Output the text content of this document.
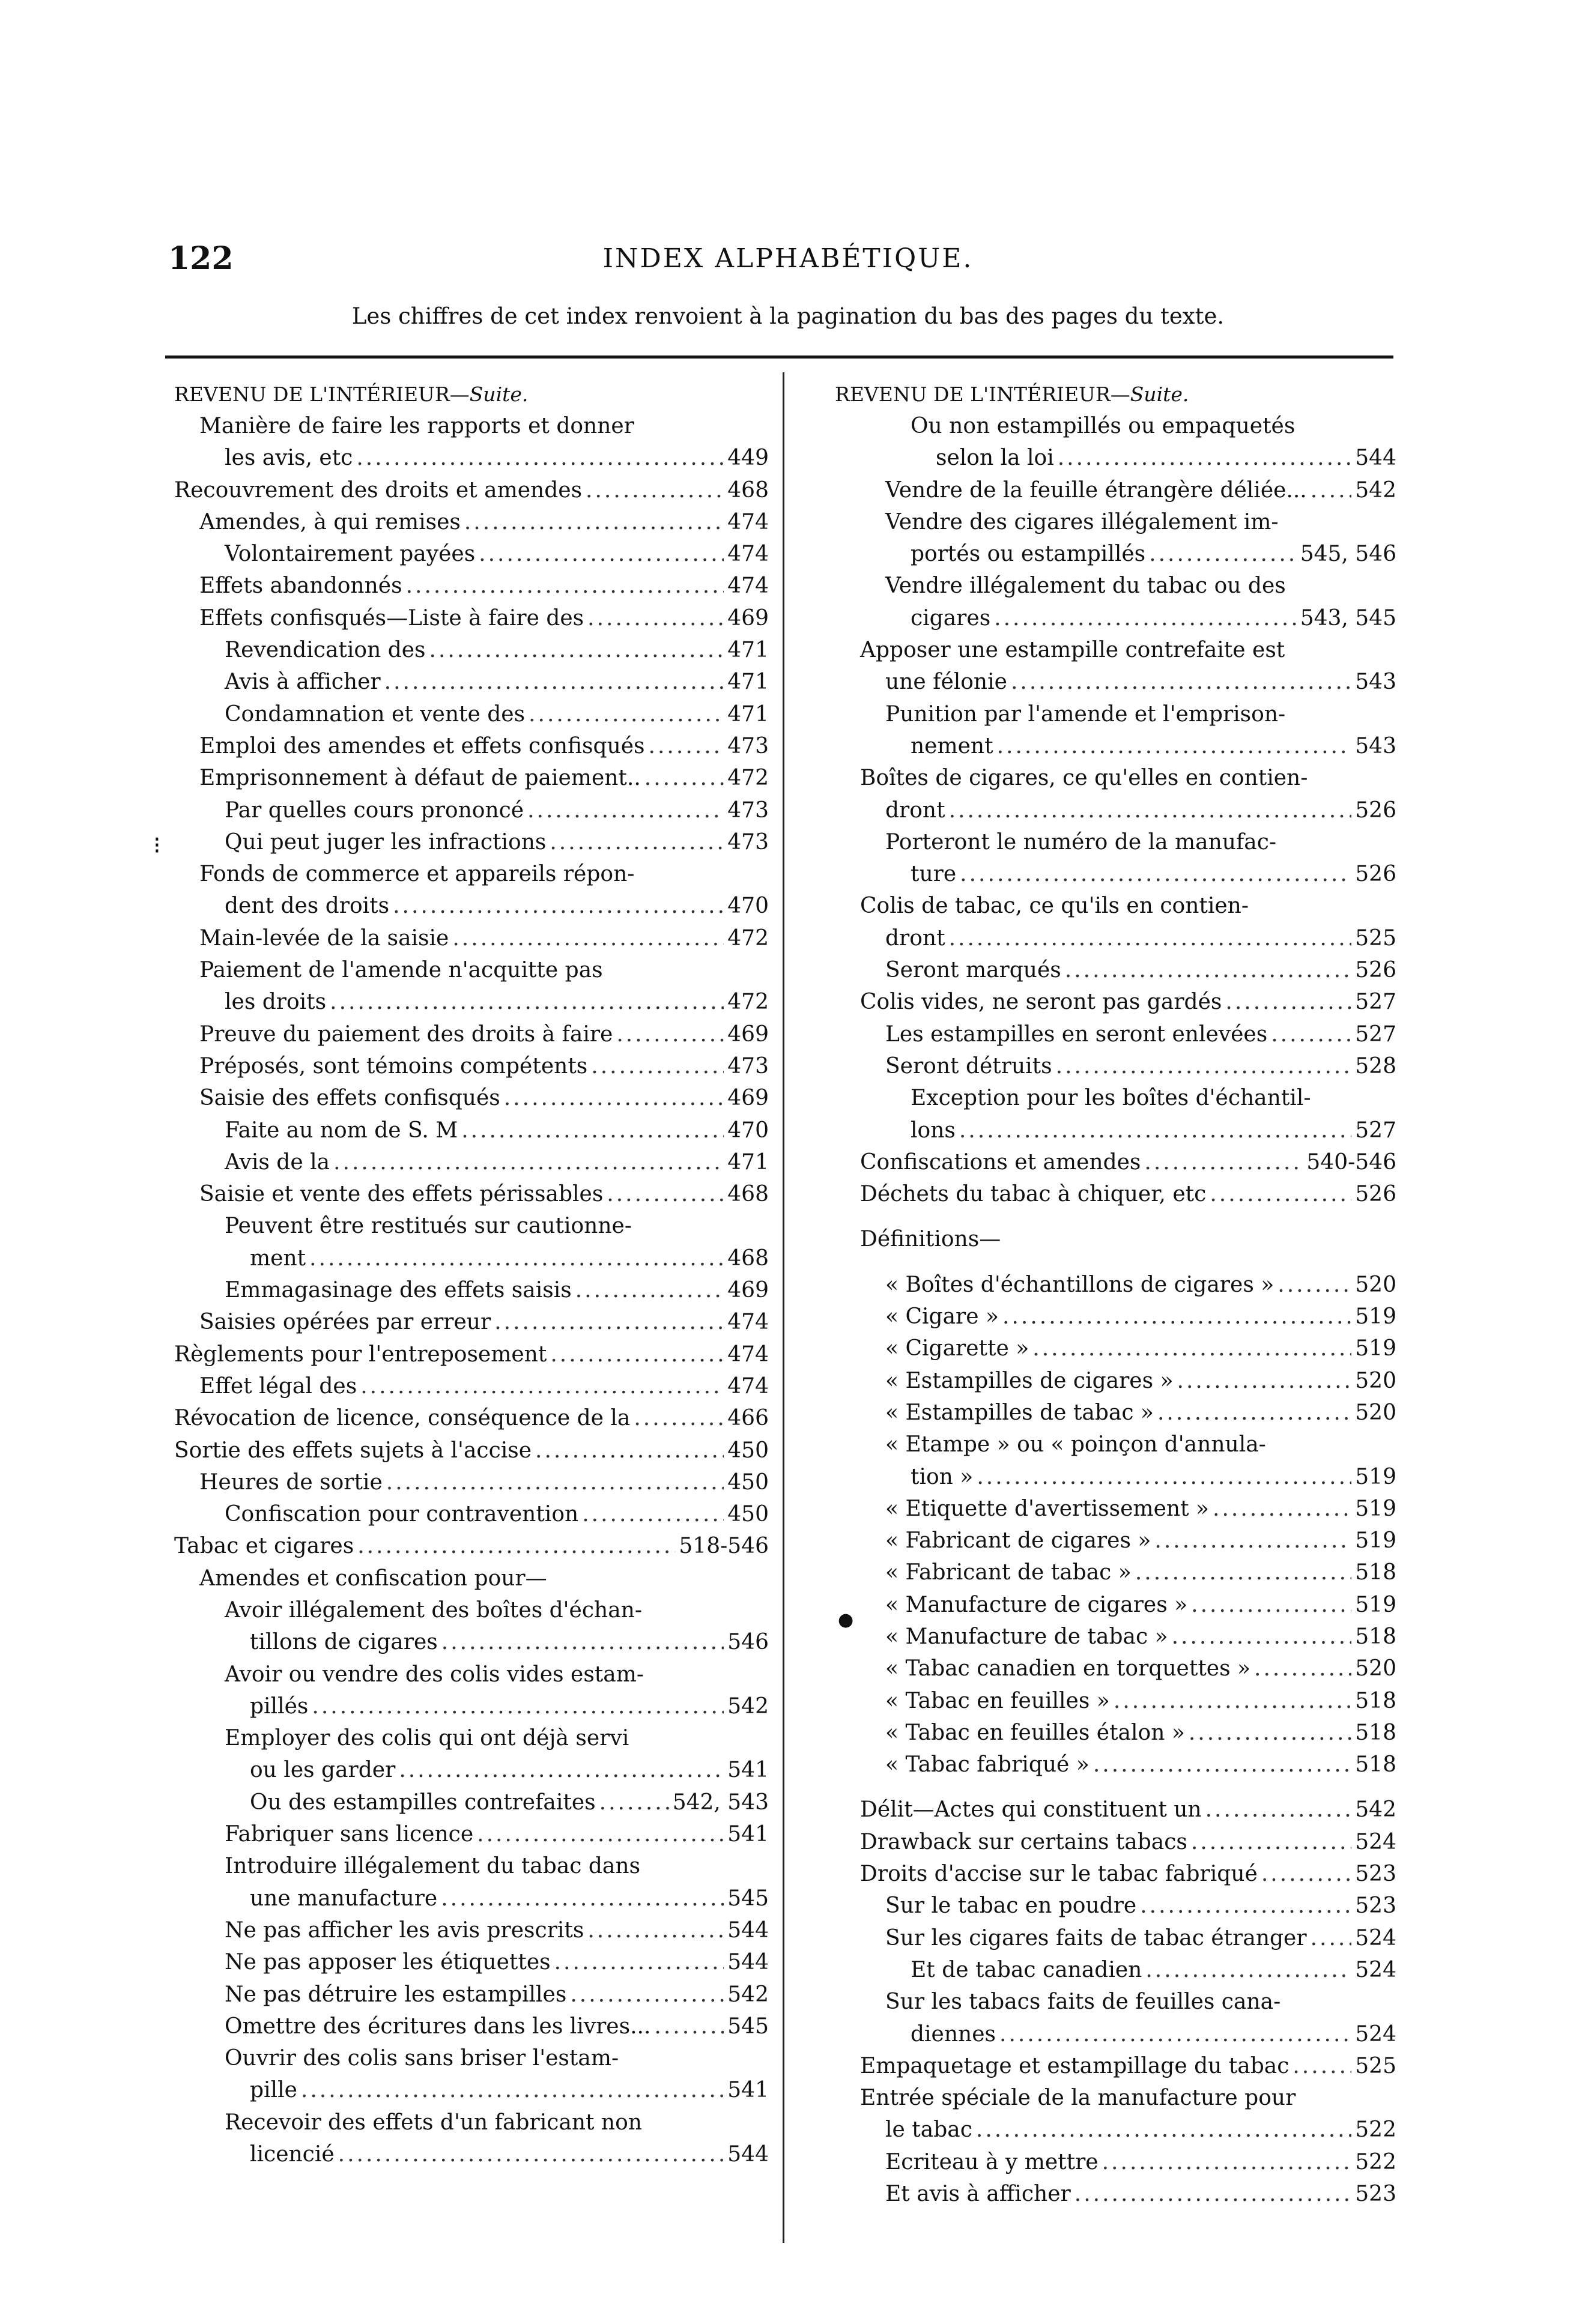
122	INDEX ALPHABÉTIQUE.
Les chiffres de cet index renvoient à la pagination du bas des pages du texte.
⁝
●
REVENU DE L'INTÉRIEUR—Suite.
Manière de faire les rapports et donner
les avis, etc .....	449
Recouvrement des droits et amendes .....	468
Amendes, à qui remises .....	474
Volontairement payées .....	474
Effets abandonnés .....	474
Effets confisqués—Liste à faire des .....	469
Revendication des .....	471
Avis à afficher .....	471
Condamnation et vente des .....	471
Emploi des amendes et effets confisqués .....	473
Emprisonnement à défaut de paiement.. .....	472
Par quelles cours prononcé .....	473
Qui peut juger les infractions .....	473
Fonds de commerce et appareils répon-
dent des droits .....	470
Main-levée de la saisie .....	472
Paiement de l'amende n'acquitte pas
les droits .....	472
Preuve du paiement des droits à faire .....	469
Préposés, sont témoins compétents .....	473
Saisie des effets confisqués .....	469
Faite au nom de S. M .....	470
Avis de la .....	471
Saisie et vente des effets périssables .....	468
Peuvent être restitués sur cautionne-
ment .....	468
Emmagasinage des effets saisis .....	469
Saisies opérées par erreur .....	474
Règlements pour l'entreposement .....	474
Effet légal des .....	474
Révocation de licence, conséquence de la .....	466
Sortie des effets sujets à l'accise .....	450
Heures de sortie .....	450
Confiscation pour contravention .....	450
Tabac et cigares .....	518-546
Amendes et confiscation pour—
Avoir illégalement des boîtes d'échan-
tillons de cigares .....	546
Avoir ou vendre des colis vides estam-
pillés .....	542
Employer des colis qui ont déjà servi
ou les garder .....	541
Ou des estampilles contrefaites .....	542, 543
Fabriquer sans licence .....	541
Introduire illégalement du tabac dans
une manufacture .....	545
Ne pas afficher les avis prescrits .....	544
Ne pas apposer les étiquettes .....	544
Ne pas détruire les estampilles .....	542
Omettre des écritures dans les livres... .....	545
Ouvrir des colis sans briser l'estam-
pille .....	541
Recevoir des effets d'un fabricant non
licencié .....	544
REVENU DE L'INTÉRIEUR—Suite.
Ou non estampillés ou empaquetés
selon la loi .....	544
Vendre de la feuille étrangère déliée... ..... 542
Vendre des cigares illégalement im-
portés ou estampillés .....	545, 546
Vendre illégalement du tabac ou des
cigares .....	543, 545
Apposer une estampille contrefaite est
une félonie .....	543
Punition par l'amende et l'emprison-
nement .....	543
Boîtes de cigares, ce qu'elles en contien-
dront .....	526
Porteront le numéro de la manufac-
ture .....	526
Colis de tabac, ce qu'ils en contien-
dront .....	525
Seront marqués .....	526
Colis vides, ne seront pas gardés .....	527
Les estampilles en seront enlevées .....	527
Seront détruits .....	528
Exception pour les boîtes d'échantil-
lons .....	527
Confiscations et amendes .....	540-546
Déchets du tabac à chiquer, etc .....	526
Définitions—
« Boîtes d'échantillons de cigares » .....	520
« Cigare » .....	519
« Cigarette » .....	519
« Estampilles de cigares » .....	520
« Estampilles de tabac » .....	520
« Etampe » ou « poinçon d'annula-
tion » .....	519
« Etiquette d'avertissement » .....	519
« Fabricant de cigares » .....	519
« Fabricant de tabac » .....	518
« Manufacture de cigares » .....	519
« Manufacture de tabac » .....	518
« Tabac canadien en torquettes » .....	520
« Tabac en feuilles » .....	518
« Tabac en feuilles étalon » .....	518
« Tabac fabriqué » .....	518
Délit—Actes qui constituent un .....	542
Drawback sur certains tabacs .....	524
Droits d'accise sur le tabac fabriqué .....	523
Sur le tabac en poudre .....	523
Sur les cigares faits de tabac étranger ..... 524
Et de tabac canadien .....	524
Sur les tabacs faits de feuilles cana-
diennes .....	524
Empaquetage et estampillage du tabac .....	525
Entrée spéciale de la manufacture pour
le tabac .....	522
Ecriteau à y mettre .....	522
Et avis à afficher .....	523
